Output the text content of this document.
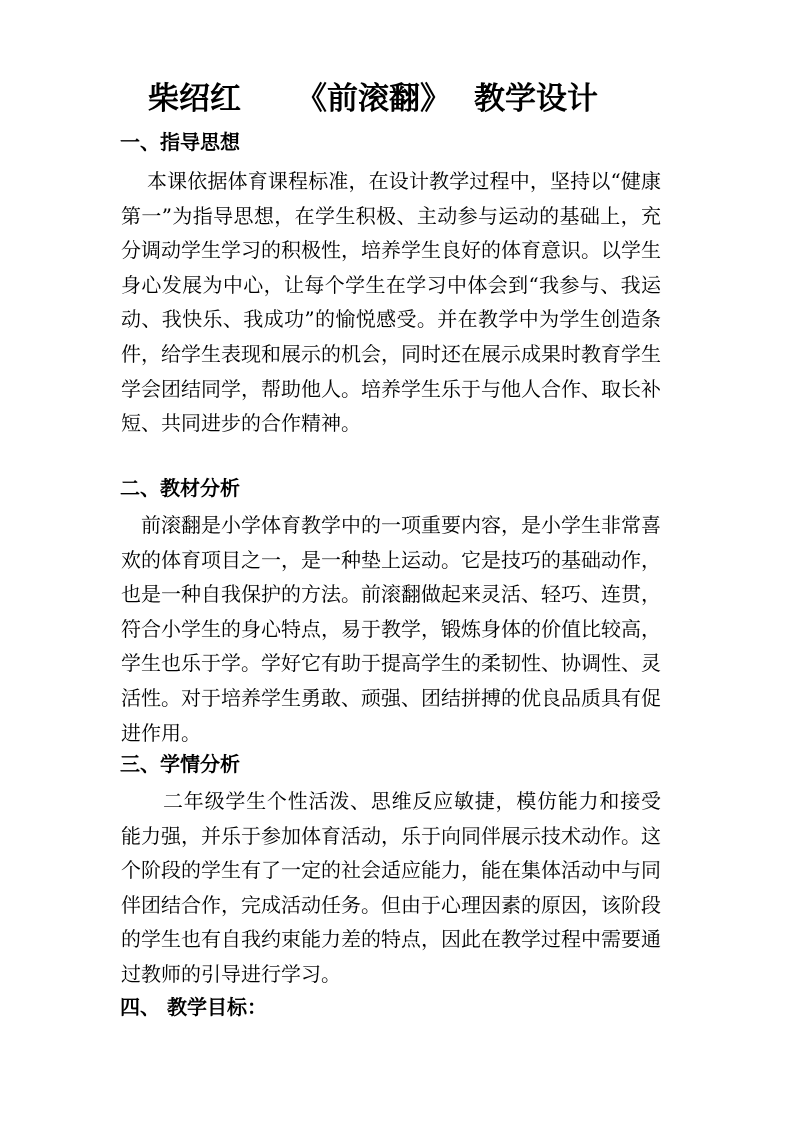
柴绍红 《前滚翻》 教学设计
一、指导思想
本课依据体育课程标准，在设计教学过程中，坚持以“健康第一”为指导思想，在学生积极、主动参与运动的基础上，充分调动学生学习的积极性，培养学生良好的体育意识。以学生身心发展为中心，让每个学生在学习中体会到“我参与、我运动、我快乐、我成功”的愉悦感受。并在教学中为学生创造条件，给学生表现和展示的机会，同时还在展示成果时教育学生学会团结同学，帮助他人。培养学生乐于与他人合作、取长补短、共同进步的合作精神。
二、教材分析
前滚翻是小学体育教学中的一项重要内容，是小学生非常喜欢的体育项目之一，是一种垫上运动。它是技巧的基础动作，也是一种自我保护的方法。前滚翻做起来灵活、轻巧、连贯，符合小学生的身心特点，易于教学，锻炼身体的价值比较高，学生也乐于学。学好它有助于提高学生的柔韧性、协调性、灵活性。对于培养学生勇敢、顽强、团结拼搏的优良品质具有促进作用。
三、学情分析
二年级学生个性活泼、思维反应敏捷，模仿能力和接受能力强，并乐于参加体育活动，乐于向同伴展示技术动作。这个阶段的学生有了一定的社会适应能力，能在集体活动中与同伴团结合作，完成活动任务。但由于心理因素的原因，该阶段的学生也有自我约束能力差的特点，因此在教学过程中需要通过教师的引导进行学习。
四、 教学目标：
